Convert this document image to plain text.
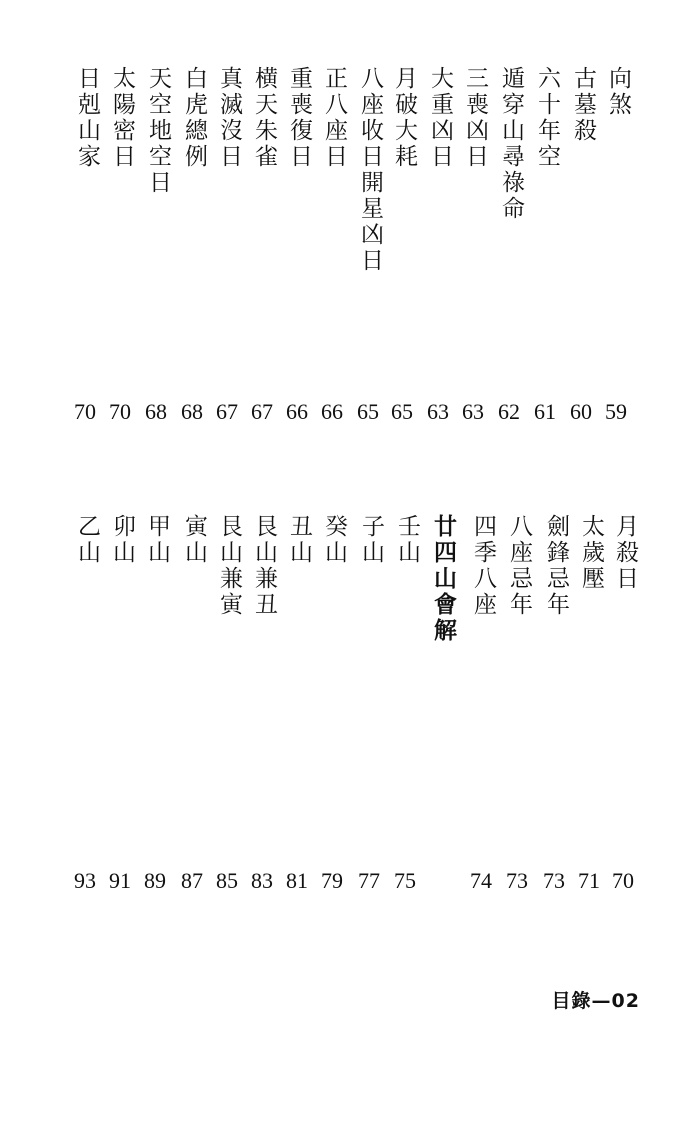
向煞
59
古墓殺
60
六十年空
61
遁穿山尋祿命
62
三喪凶日
63
大重凶日
63
月破大耗
65
八座收日開星凶日
65
正八座日
66
重喪復日
66
横天朱雀
67
真滅沒日
67
白虎總例
68
天空地空日
68
太陽密日
70
日剋山家
70
月殺日
70
太歲壓
71
劍鋒忌年
73
八座忌年
73
四季八座
74
廿四山會解
壬山
75
子山
77
癸山
79
丑山
81
艮山兼丑
83
艮山兼寅
85
寅山
87
甲山
89
卯山
91
乙山
93
目錄—02
